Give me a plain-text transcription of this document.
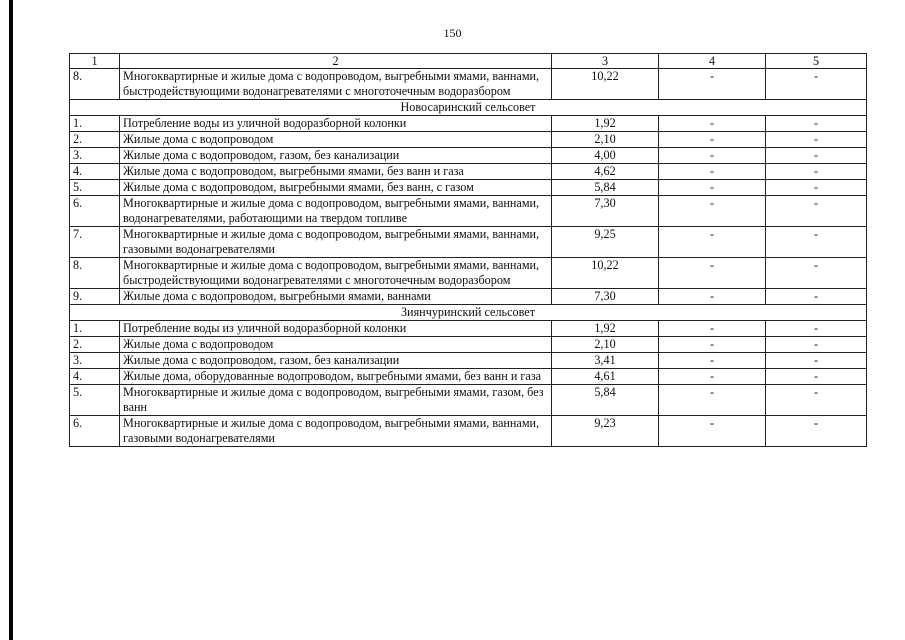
150
1	2	3	4	5
8.	Многоквартирные и жилые дома с водопроводом, выгребными ямами, ваннами, быстродействующими водонагревателями с многоточечным водоразбором	10,22	-	-
Новосаринский сельсовет				
1.	Потребление воды из уличной водоразборной колонки	1,92	-	-
2.	Жилые дома с водопроводом	2,10	-	-
3.	Жилые дома с водопроводом, газом, без канализации	4,00	-	-
4.	Жилые дома с водопроводом, выгребными ямами, без ванн и газа	4,62	-	-
5.	Жилые дома с водопроводом, выгребными ямами, без ванн, с газом	5,84	-	-
6.	Многоквартирные и жилые дома с водопроводом, выгребными ямами, ваннами, водонагревателями, работающими на твердом топливе	7,30	-	-
7.	Многоквартирные и жилые дома с водопроводом, выгребными ямами, ваннами, газовыми водонагревателями	9,25	-	-
8.	Многоквартирные и жилые дома с водопроводом, выгребными ямами, ваннами, быстродействующими водонагревателями с многоточечным водоразбором	10,22	-	-
9.	Жилые дома с водопроводом, выгребными ямами, ваннами	7,30	-	-
Зиянчуринский сельсовет				
1.	Потребление воды из уличной водоразборной колонки	1,92	-	-
2.	Жилые дома с водопроводом	2,10	-	-
3.	Жилые дома с водопроводом, газом, без канализации	3,41	-	-
4.	Жилые дома, оборудованные водопроводом, выгребными ямами, без ванн и газа	4,61	-	-
5.	Многоквартирные и жилые дома с водопроводом, выгребными ямами, газом, без ванн	5,84	-	-
6.	Многоквартирные и жилые дома с водопроводом, выгребными ямами, ваннами, газовыми водонагревателями	9,23	-	-
